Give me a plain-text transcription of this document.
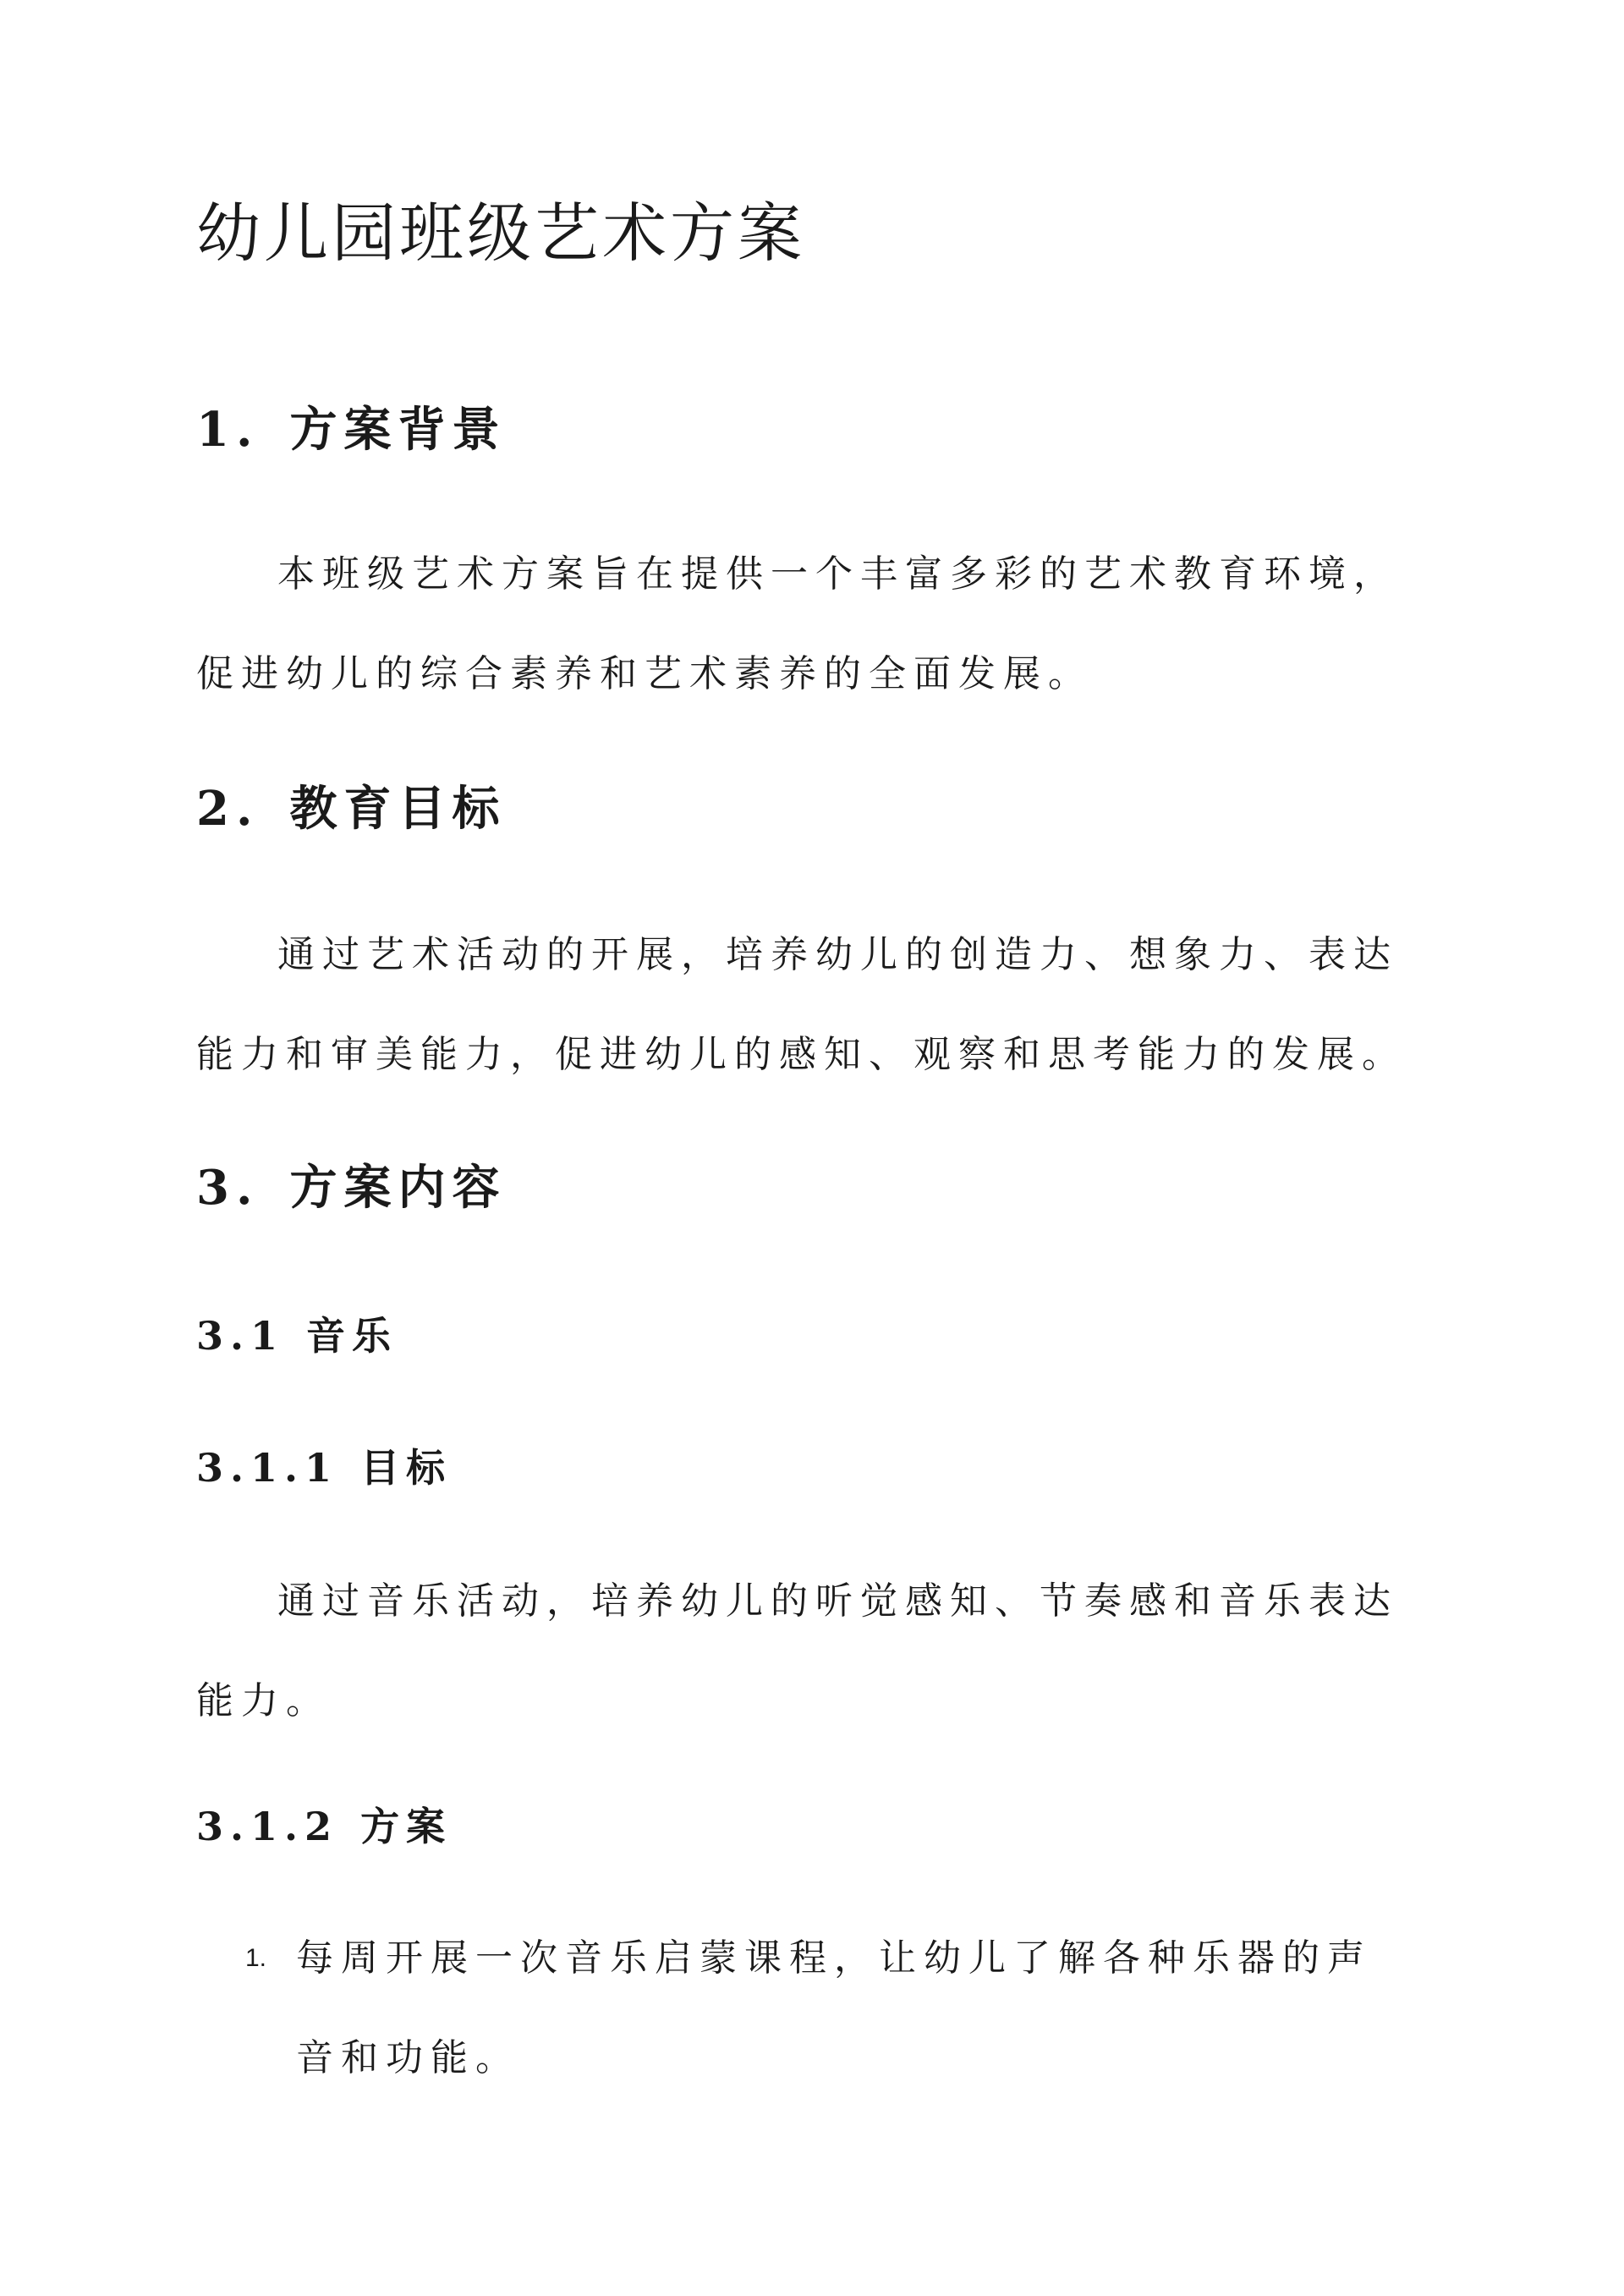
幼儿园班级艺术方案
1. 方案背景

本班级艺术方案旨在提供一个丰富多彩的艺术教育环境，促进幼儿的综合素养和艺术素养的全面发展。

2. 教育目标

通过艺术活动的开展，培养幼儿的创造力、想象力、表达能力和审美能力，促进幼儿的感知、观察和思考能力的发展。

3. 方案内容
3.1 音乐
3.1.1 目标

通过音乐活动，培养幼儿的听觉感知、节奏感和音乐表达能力。

3.1.2 方案
1. 每周开展一次音乐启蒙课程，让幼儿了解各种乐器的声音和功能。
